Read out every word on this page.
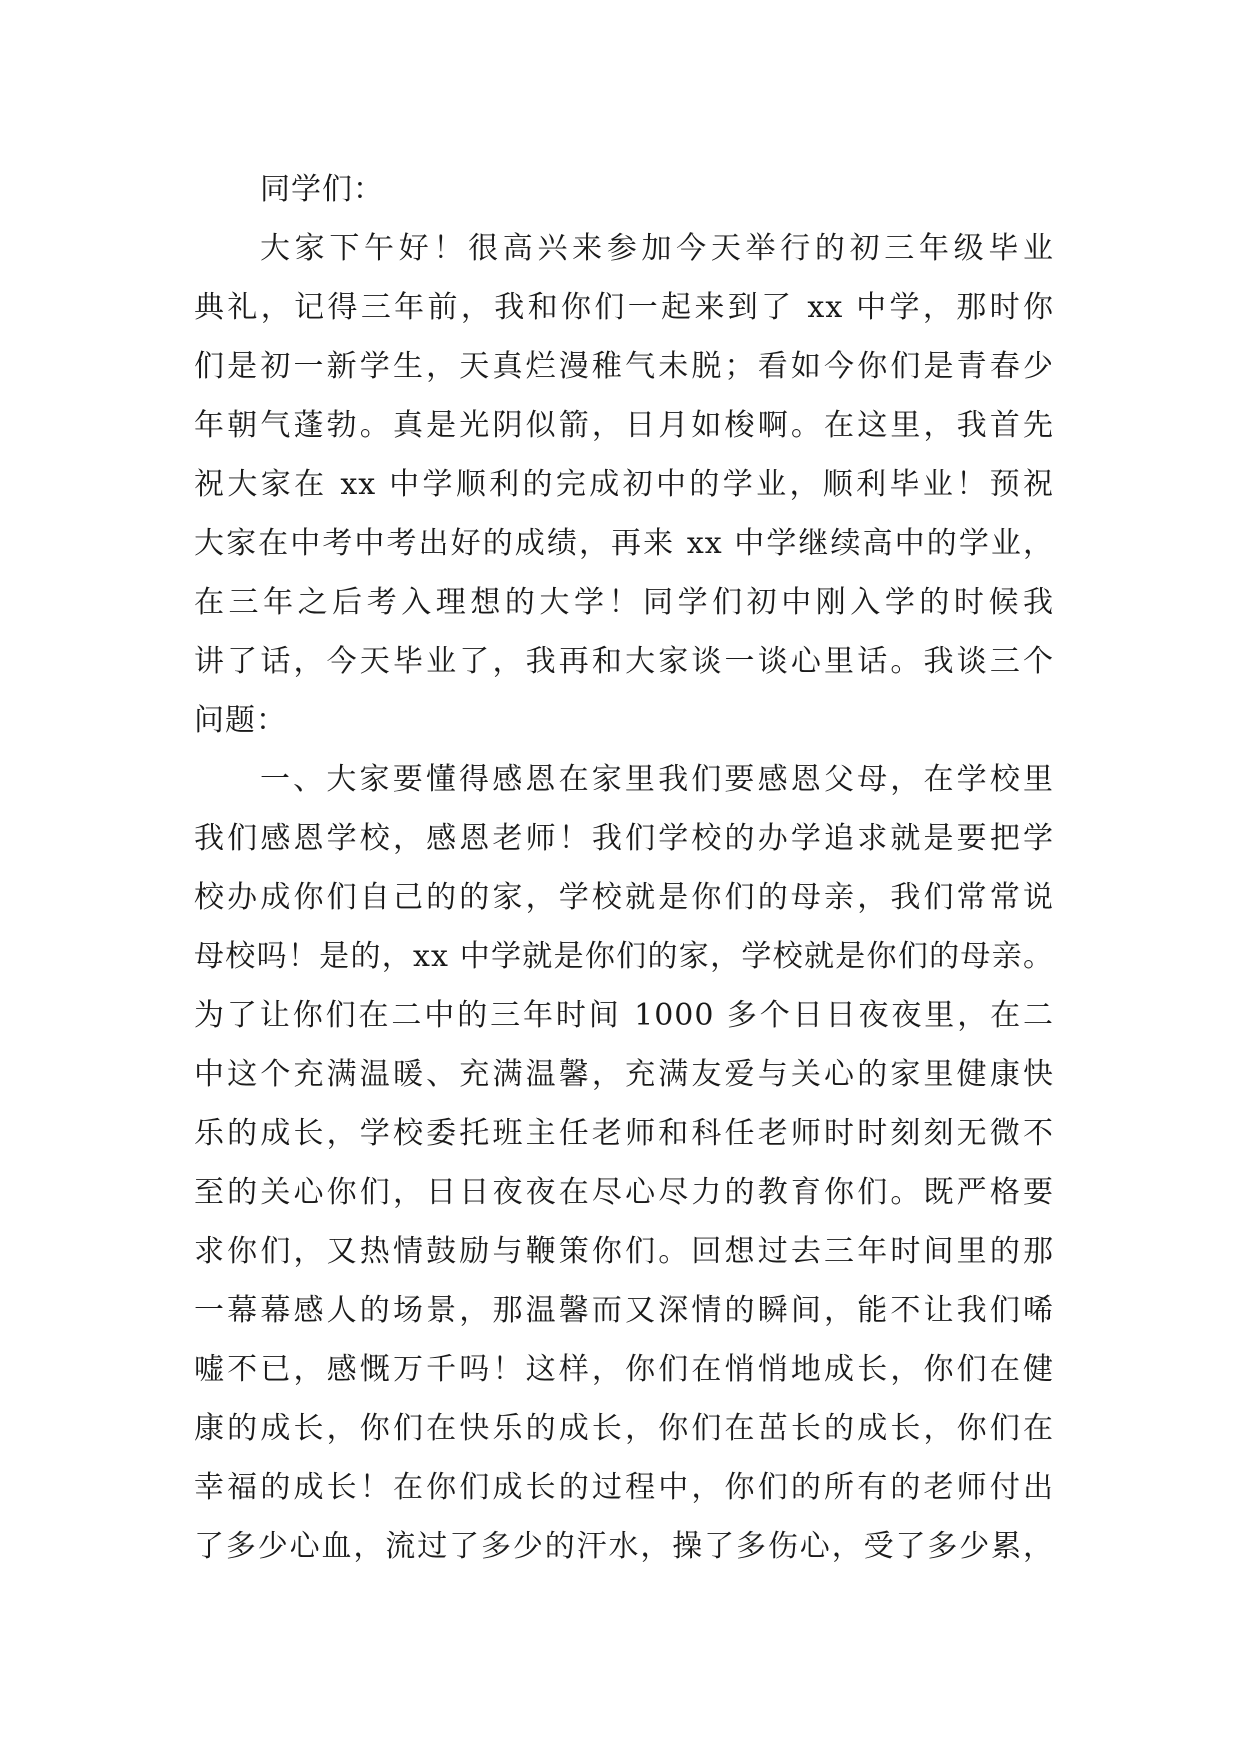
同学们：
大家下午好！很高兴来参加今天举行的初三年级毕业
典礼，记得三年前，我和你们一起来到了 xx 中学，那时你
们是初一新学生，天真烂漫稚气未脱；看如今你们是青春少
年朝气蓬勃。真是光阴似箭，日月如梭啊。在这里，我首先
祝大家在 xx 中学顺利的完成初中的学业，顺利毕业！预祝
大家在中考中考出好的成绩，再来 xx 中学继续高中的学业，
在三年之后考入理想的大学！同学们初中刚入学的时候我
讲了话，今天毕业了，我再和大家谈一谈心里话。我谈三个
问题：
一、大家要懂得感恩在家里我们要感恩父母，在学校里
我们感恩学校，感恩老师！我们学校的办学追求就是要把学
校办成你们自己的的家，学校就是你们的母亲，我们常常说
母校吗！是的，xx 中学就是你们的家，学校就是你们的母亲。
为了让你们在二中的三年时间 1000 多个日日夜夜里，在二
中这个充满温暖、充满温馨，充满友爱与关心的家里健康快
乐的成长，学校委托班主任老师和科任老师时时刻刻无微不
至的关心你们，日日夜夜在尽心尽力的教育你们。既严格要
求你们，又热情鼓励与鞭策你们。回想过去三年时间里的那
一幕幕感人的场景，那温馨而又深情的瞬间，能不让我们唏
嘘不已，感慨万千吗！这样，你们在悄悄地成长，你们在健
康的成长，你们在快乐的成长，你们在茁长的成长，你们在
幸福的成长！在你们成长的过程中，你们的所有的老师付出
了多少心血，流过了多少的汗水，操了多伤心，受了多少累，
